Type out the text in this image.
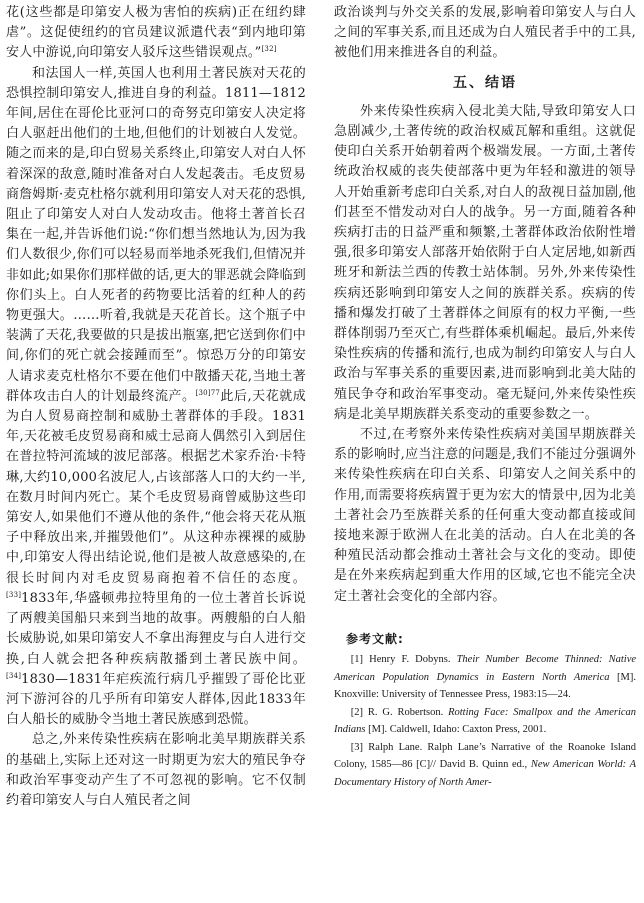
花(这些都是印第安人极为害怕的疾病)正在纽约肆虐”。这促使纽约的官员建议派遣代表“到内地印第安人中游说,向印第安人驳斥这些错误观点。”[32]

和法国人一样,英国人也利用土著民族对天花的恐惧控制印第安人,推进自身的利益。1811—1812年间,居住在哥伦比亚河口的奇努克印第安人决定将白人驱赶出他们的土地,但他们的计划被白人发觉。随之而来的是,印白贸易关系终止,印第安人对白人怀着深深的敌意,随时准备对白人发起袭击。毛皮贸易商詹姆斯·麦克杜格尔就利用印第安人对天花的恐惧,阻止了印第安人对白人发动攻击。他将土著首长召集在一起,并告诉他们说:“你们想当然地认为,因为我们人数很少,你们可以轻易而举地杀死我们,但情况并非如此;如果你们那样做的话,更大的罪恶就会降临到你们头上。白人死者的药物要比活着的红种人的药物更强大。……听着,我就是天花首长。这个瓶子中装满了天花,我要做的只是拔出瓶塞,把它送到你们中间,你们的死亡就会接踵而至”。惊恐万分的印第安人请求麦克杜格尔不要在他们中散播天花,当地土著群体攻击白人的计划最终流产。$^{[30]77}$此后,天花就成为白人贸易商控制和威胁土著群体的手段。1831年,天花被毛皮贸易商和威士忌商人偶然引入到居住在普拉特河流域的波尼部落。根据艺术家乔治·卡特琳,大约10,000名波尼人,占该部落人口的大约一半,在数月时间内死亡。某个毛皮贸易商曾威胁这些印第安人,如果他们不遵从他的条件,“他会将天花从瓶子中释放出来,并摧毁他们”。从这种赤裸裸的威胁中,印第安人得出结论说,他们是被人故意感染的,在很长时间内对毛皮贸易商抱着不信任的态度。[33]1833年,华盛顿弗拉特里角的一位土著首长诉说了两艘美国船只来到当地的故事。两艘船的白人船长威胁说,如果印第安人不拿出海狸皮与白人进行交换,白人就会把各种疾病散播到土著民族中间。[34]1830—1831年疟疾流行病几乎摧毁了哥伦比亚河下游河谷的几乎所有印第安人群体,因此1833年白人船长的威胁令当地土著民族感到恐慌。

总之,外来传染性疾病在影响北美早期族群关系的基础上,实际上还对这一时期更为宏大的殖民争夺和政治军事变动产生了不可忽视的影响。它不仅制约着印第安人与白人殖民者之间

政治谈判与外交关系的发展,影响着印第安人与白人之间的军事关系,而且还成为白人殖民者手中的工具,被他们用来推进各自的利益。

五、结语

外来传染性疾病入侵北美大陆,导致印第安人口急剧减少,土著传统的政治权威瓦解和重组。这就促使印白关系开始朝着两个极端发展。一方面,土著传统政治权威的丧失使部落中更为年轻和激进的领导人开始重新考虑印白关系,对白人的敌视日益加剧,他们甚至不惜发动对白人的战争。另一方面,随着各种疾病打击的日益严重和频繁,土著群体政治依附性增强,很多印第安人部落开始依附于白人定居地,如新西班牙和新法兰西的传教士站体制。另外,外来传染性疾病还影响到印第安人之间的族群关系。疾病的传播和爆发打破了土著群体之间原有的权力平衡,一些群体削弱乃至灭亡,有些群体乘机崛起。最后,外来传染性疾病的传播和流行,也成为制约印第安人与白人政治与军事关系的重要因素,进而影响到北美大陆的殖民争夺和政治军事变动。毫无疑问,外来传染性疾病是北美早期族群关系变动的重要参数之一。

不过,在考察外来传染性疾病对美国早期族群关系的影响时,应当注意的问题是,我们不能过分强调外来传染性疾病在印白关系、印第安人之间关系中的作用,而需要将疾病置于更为宏大的情景中,因为北美土著社会乃至族群关系的任何重大变动都直接或间接地来源于欧洲人在北美的活动。白人在北美的各种殖民活动都会推动土著社会与文化的变动。即使是在外来疾病起到重大作用的区域,它也不能完全决定土著社会变化的全部内容。

参考文献:
[1] Henry F. Dobyns. Their Number Become Thinned: Native American Population Dynamics in Eastern North America [M]. Knoxville: University of Tennessee Press, 1983:15—24.
[2] R. G. Robertson. Rotting Face: Smallpox and the American Indians [M]. Caldwell, Idaho: Caxton Press, 2001.
[3] Ralph Lane. Ralph Lane’s Narrative of the Roanoke Island Colony, 1585—86 [C]// David B. Quinn ed., New American World: A Documentary History of North Amer-
